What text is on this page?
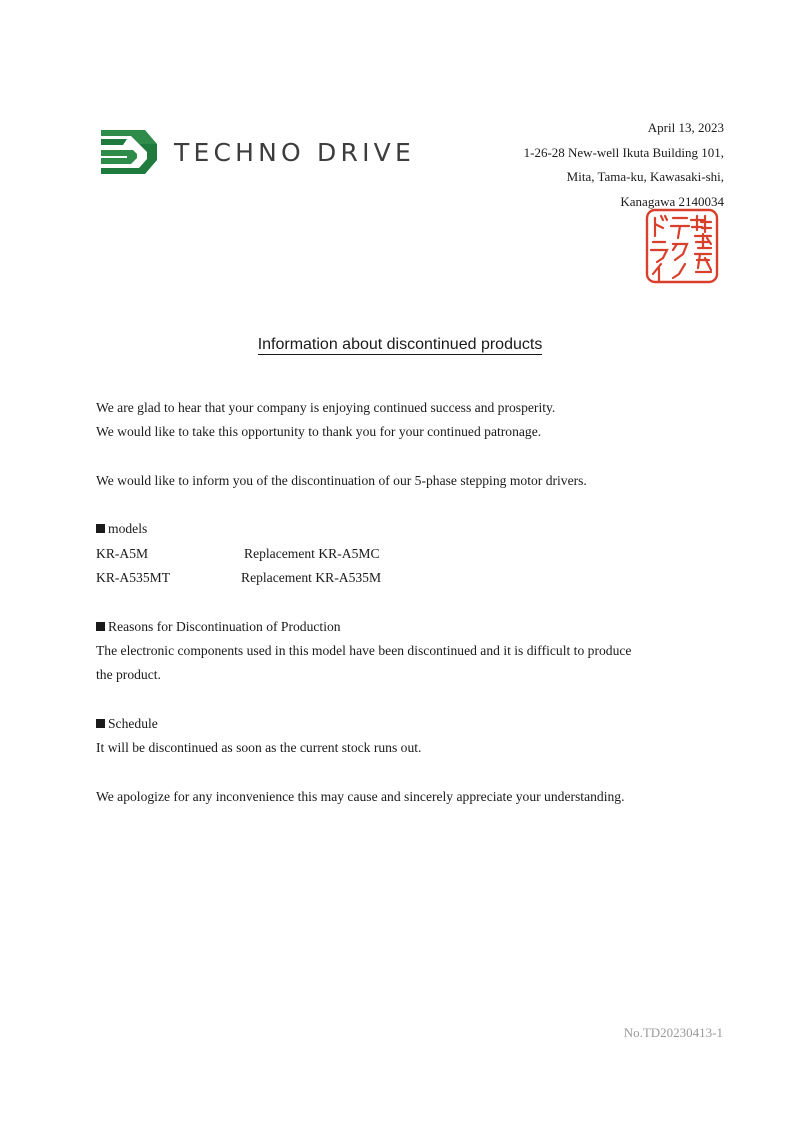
TECHNO DRIVE
April 13, 2023
1-26-28 New-well Ikuta Building 101,
Mita, Tama-ku, Kawasaki-shi,
Kanagawa 2140034
Information about discontinued products

We are glad to hear that your company is enjoying continued success and prosperity.

We would like to take this opportunity to thank you for your continued patronage.

We would like to inform you of the discontinuation of our 5-phase stepping motor drivers.

models

KR-A5M	Replacement KR-A5MC
KR-A535MT	Replacement KR-A535M

Reasons for Discontinuation of Production

The electronic components used in this model have been discontinued and it is difficult to produce

the product.

Schedule

It will be discontinued as soon as the current stock runs out.

We apologize for any inconvenience this may cause and sincerely appreciate your understanding.

No.TD20230413-1
